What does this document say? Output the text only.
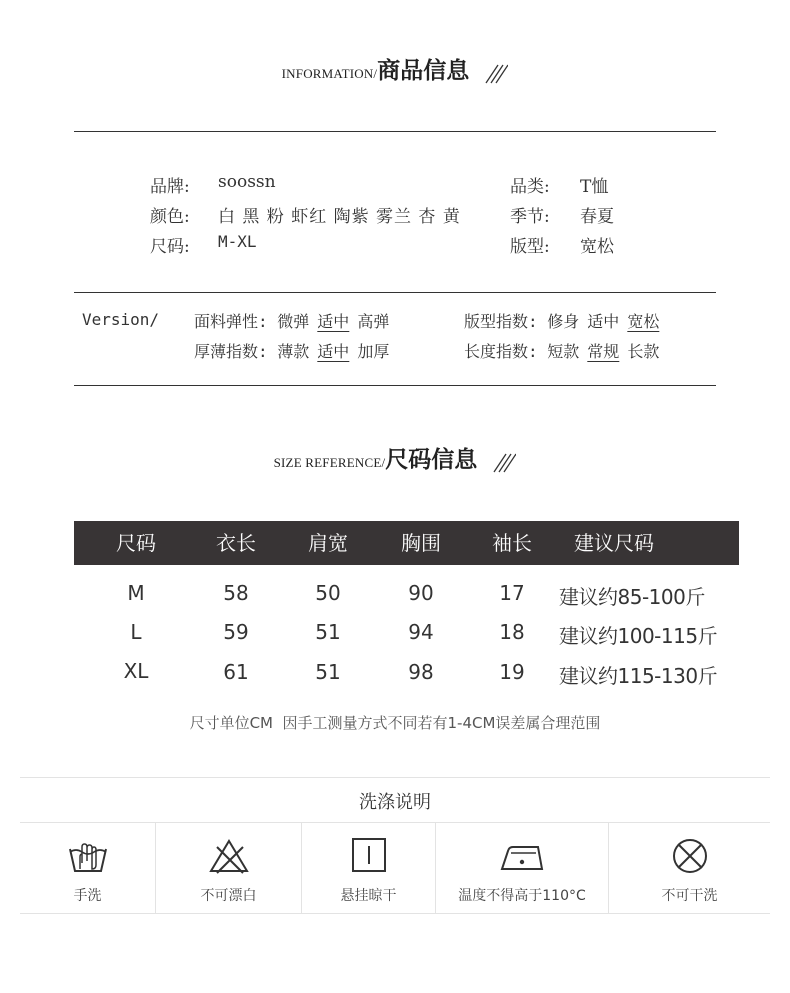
INFORMATION/商品信息
品牌: soossn	品类: T恤
颜色: 白 黑 粉 虾红 陶紫 雾兰 杏 黄	季节: 春夏
尺码: M-XL	版型: 宽松
Version/ 面料弹性: 微弹 适中 高弹	版型指数: 修身 适中 宽松
厚薄指数: 薄款 适中 加厚	长度指数: 短款 常规 长款
SIZE REFERENCE/尺码信息
尺码	衣长	肩宽	胸围	袖长	建议尺码
M	58	50	90	17	建议约85-100斤
L	59	51	94	18	建议约100-115斤
XL	61	51	98	19	建议约115-130斤
尺寸单位CM  因手工测量方式不同若有1-4CM误差属合理范围
洗涤说明
手洗	不可漂白	悬挂晾干	温度不得高于110°C	不可干洗
